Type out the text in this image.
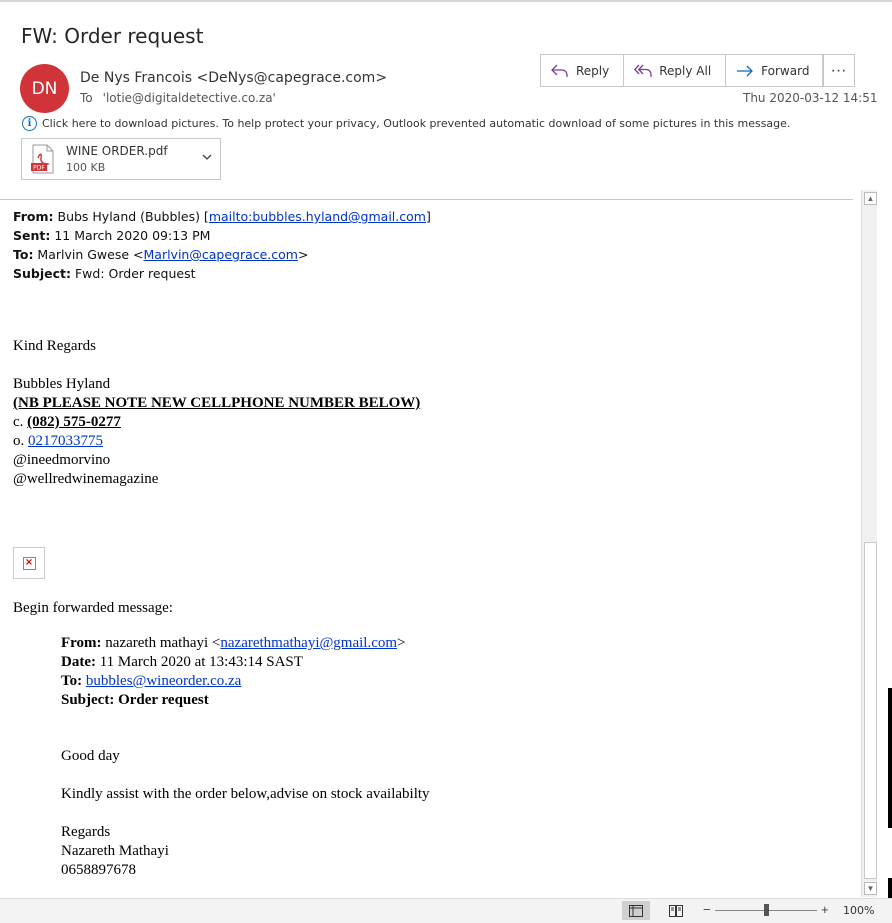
FW: Order request
DN
De Nys Francois <DeNys@capegrace.com>
To 'lotie@digitaldetective.co.za'
Reply	Reply All	Forward	···
Thu 2020-03-12 14:51
i Click here to download pictures. To help protect your privacy, Outlook prevented automatic download of some pictures in this message.
PDF
WINE ORDER.pdf
100 KB
From: Bubs Hyland (Bubbles) [mailto:bubbles.hyland@gmail.com]
Sent: 11 March 2020 09:13 PM
To: Marlvin Gwese <Marlvin@capegrace.com>
Subject: Fwd: Order request
Kind Regards
Bubbles Hyland
(NB PLEASE NOTE NEW CELLPHONE NUMBER BELOW)
c. (082) 575-0277
o. 0217033775
@ineedmorvino
@wellredwinemagazine
×
Begin forwarded message:
From: nazareth mathayi <nazarethmathayi@gmail.com>
Date: 11 March 2020 at 13:43:14 SAST
To: bubbles@wineorder.co.za
Subject: Order request
Good day
Kindly assist with the order below,advise on stock availabilty
Regards
Nazareth Mathayi
0658897678
▲
▼
−	+ 100%
